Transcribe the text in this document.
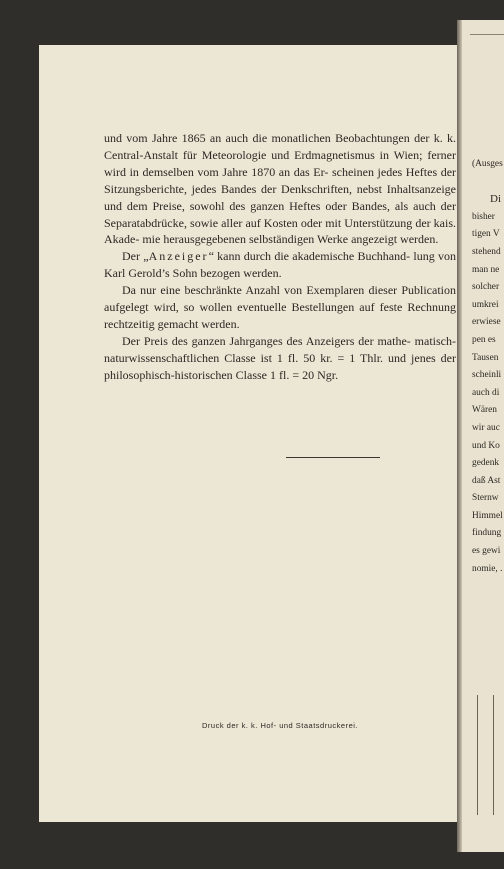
(Ausges
Di
bisher
tigen V
stehend
man ne
solcher
umkrei
erwiese
pen es
Tausen
scheinli
auch di
Wären
wir auc
und Ko
gedenk
daß Ast
Sternw
Himmel
findung
es gewi
nomie, .
und vom Jahre 1865 an auch die monatlichen Beobachtungen der k. k. Central-Anstalt für Meteorologie und Erdmagnetismus in Wien; ferner wird in demselben vom Jahre 1870 an das Er- scheinen jedes Heftes der Sitzungsberichte, jedes Bandes der Denkschriften, nebst Inhaltsanzeige und dem Preise, sowohl des ganzen Heftes oder Bandes, als auch der Separatabdrücke, sowie aller auf Kosten oder mit Unterstützung der kais. Akade- mie herausgegebenen selbständigen Werke angezeigt werden.
Der „Anzeiger“ kann durch die akademische Buchhand- lung von Karl Gerold’s Sohn bezogen werden.
Da nur eine beschränkte Anzahl von Exemplaren dieser Publication aufgelegt wird, so wollen eventuelle Bestellungen auf feste Rechnung rechtzeitig gemacht werden.
Der Preis des ganzen Jahrganges des Anzeigers der mathe- matisch-naturwissenschaftlichen Classe ist 1 fl. 50 kr. = 1 Thlr. und jenes der philosophisch-historischen Classe 1 fl. = 20 Ngr.
Druck der k. k. Hof- und Staatsdruckerei.
